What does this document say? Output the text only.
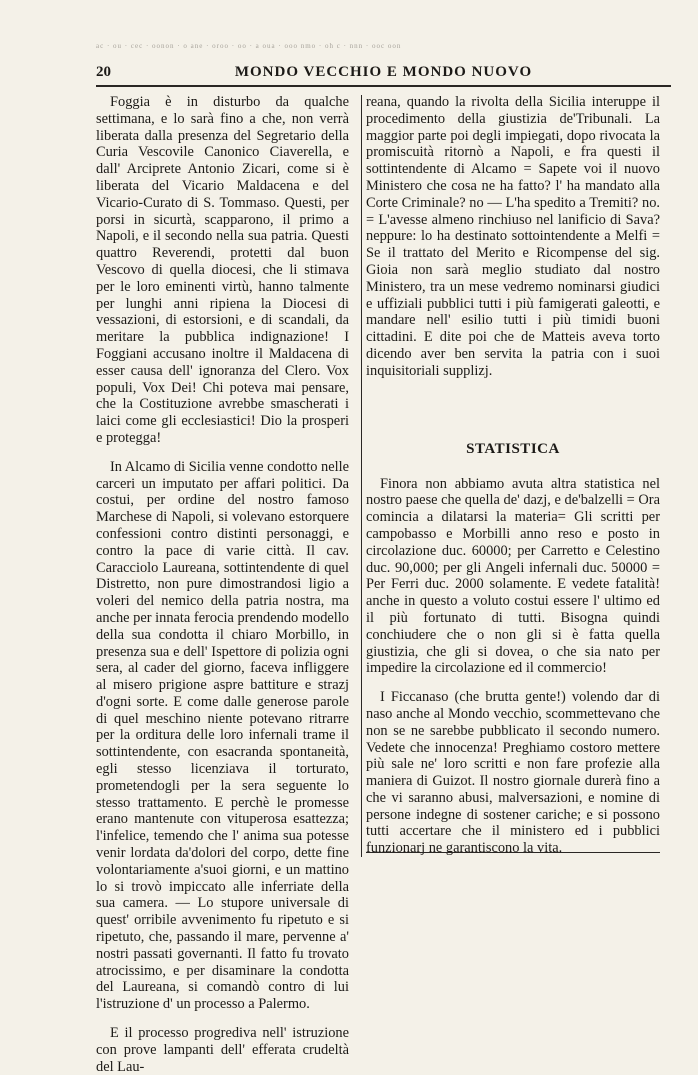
ac · ou · cec · oonon · o ane · oroo · oo · a oua · ooo nmo · oh c · nnn · ooc oon
20	MONDO VECCHIO E MONDO NUOVO

Foggia è in disturbo da qualche settimana, e lo sarà fino a che, non verrà liberata dalla presenza del Segretario della Curia Vescovile Canonico Ciaverella, e dall' Arciprete Antonio Zicari, come si è liberata del Vicario Maldacena e del Vicario-Curato di S. Tommaso. Questi, per porsi in sicurtà, scapparono, il primo a Napoli, e il secondo nella sua patria. Questi quattro Reverendi, protetti dal buon Vescovo di quella diocesi, che li stimava per le loro eminenti virtù, hanno talmente per lunghi anni ripiena la Diocesi di vessazioni, di estorsioni, e di scandali, da meritare la pubblica indignazione! I Foggiani accusano inoltre il Maldacena di esser causa dell' ignoranza del Clero. Vox populi, Vox Dei! Chi poteva mai pensare, che la Costituzione avrebbe smascherati i laici come gli ecclesiastici! Dio la prosperi e protegga!

In Alcamo di Sicilia venne condotto nelle carceri un imputato per affari politici. Da costui, per ordine del nostro famoso Marchese di Napoli, si volevano estorquere confessioni contro distinti personaggi, e contro la pace di varie città. Il cav. Caracciolo Laureana, sottintendente di quel Distretto, non pure dimostrandosi ligio a voleri del nemico della patria nostra, ma anche per innata ferocia prendendo modello della sua condotta il chiaro Morbillo, in presenza sua e dell' Ispettore di polizia ogni sera, al cader del giorno, faceva infliggere al misero prigione aspre battiture e strazj d'ogni sorte. E come dalle generose parole di quel meschino niente potevano ritrarre per la orditura delle loro infernali trame il sottintendente, con esacranda spontaneità, egli stesso licenziava il torturato, prometendogli per la sera seguente lo stesso trattamento. E perchè le promesse erano mantenute con vituperosa esattezza; l'infelice, temendo che l' anima sua potesse venir lordata da'dolori del corpo, dette fine volontariamente a'suoi giorni, e un mattino lo si trovò impiccato alle inferriate della sua camera. — Lo stupore universale di quest' orribile avvenimento fu ripetuto e si ripetuto, che, passando il mare, pervenne a' nostri passati governanti. Il fatto fu trovato atrocissimo, e per disaminare la condotta del Laureana, si comandò contro di lui l'istruzione d' un processo a Palermo.

E il processo progrediva nell' istruzione con prove lampanti dell' efferata crudeltà del Lau-

reana, quando la rivolta della Sicilia interuppe il procedimento della giustizia de'Tribunali. La maggior parte poi degli impiegati, dopo rivocata la promiscuità ritornò a Napoli, e fra questi il sottintendente di Alcamo = Sapete voi il nuovo Ministero che cosa ne ha fatto? l' ha mandato alla Corte Criminale? no — L'ha spedito a Tremiti? no. = L'avesse almeno rinchiuso nel lanificio di Sava? neppure: lo ha destinato sottointendente a Melfi = Se il trattato del Merito e Ricompense del sig. Gioia non sarà meglio studiato dal nostro Ministero, tra un mese vedremo nominarsi giudici e uffiziali pubblici tutti i più famigerati galeotti, e mandare nell' esilio tutti i più timidi buoni cittadini. E dite poi che de Matteis aveva torto dicendo aver ben servita la patria con i suoi inquisitoriali supplizj.

STATISTICA

Finora non abbiamo avuta altra statistica nel nostro paese che quella de' dazj, e de'balzelli = Ora comincia a dilatarsi la materia= Gli scritti per campobasso e Morbilli anno reso e posto in circolazione duc. 60000; per Carretto e Celestino duc. 90,000; per gli Angeli infernali duc. 50000 = Per Ferri duc. 2000 solamente. E vedete fatalità! anche in questo a voluto costui essere l' ultimo ed il più fortunato di tutti. Bisogna quindi conchiudere che o non gli si è fatta quella giustizia, che gli si dovea, o che sia nato per impedire la circolazione ed il commercio!

I Ficcanaso (che brutta gente!) volendo dar di naso anche al Mondo vecchio, scommettevano che non se ne sarebbe pubblicato il secondo numero. Vedete che innocenza! Preghiamo costoro mettere più sale ne' loro scritti e non fare profezie alla maniera di Guizot. Il nostro giornale durerà fino a che vi saranno abusi, malversazioni, e nomine di persone indegne di sostener cariche; e si possono tutti accertare che il ministero ed i pubblici funzionarj ne garantiscono la vita.
